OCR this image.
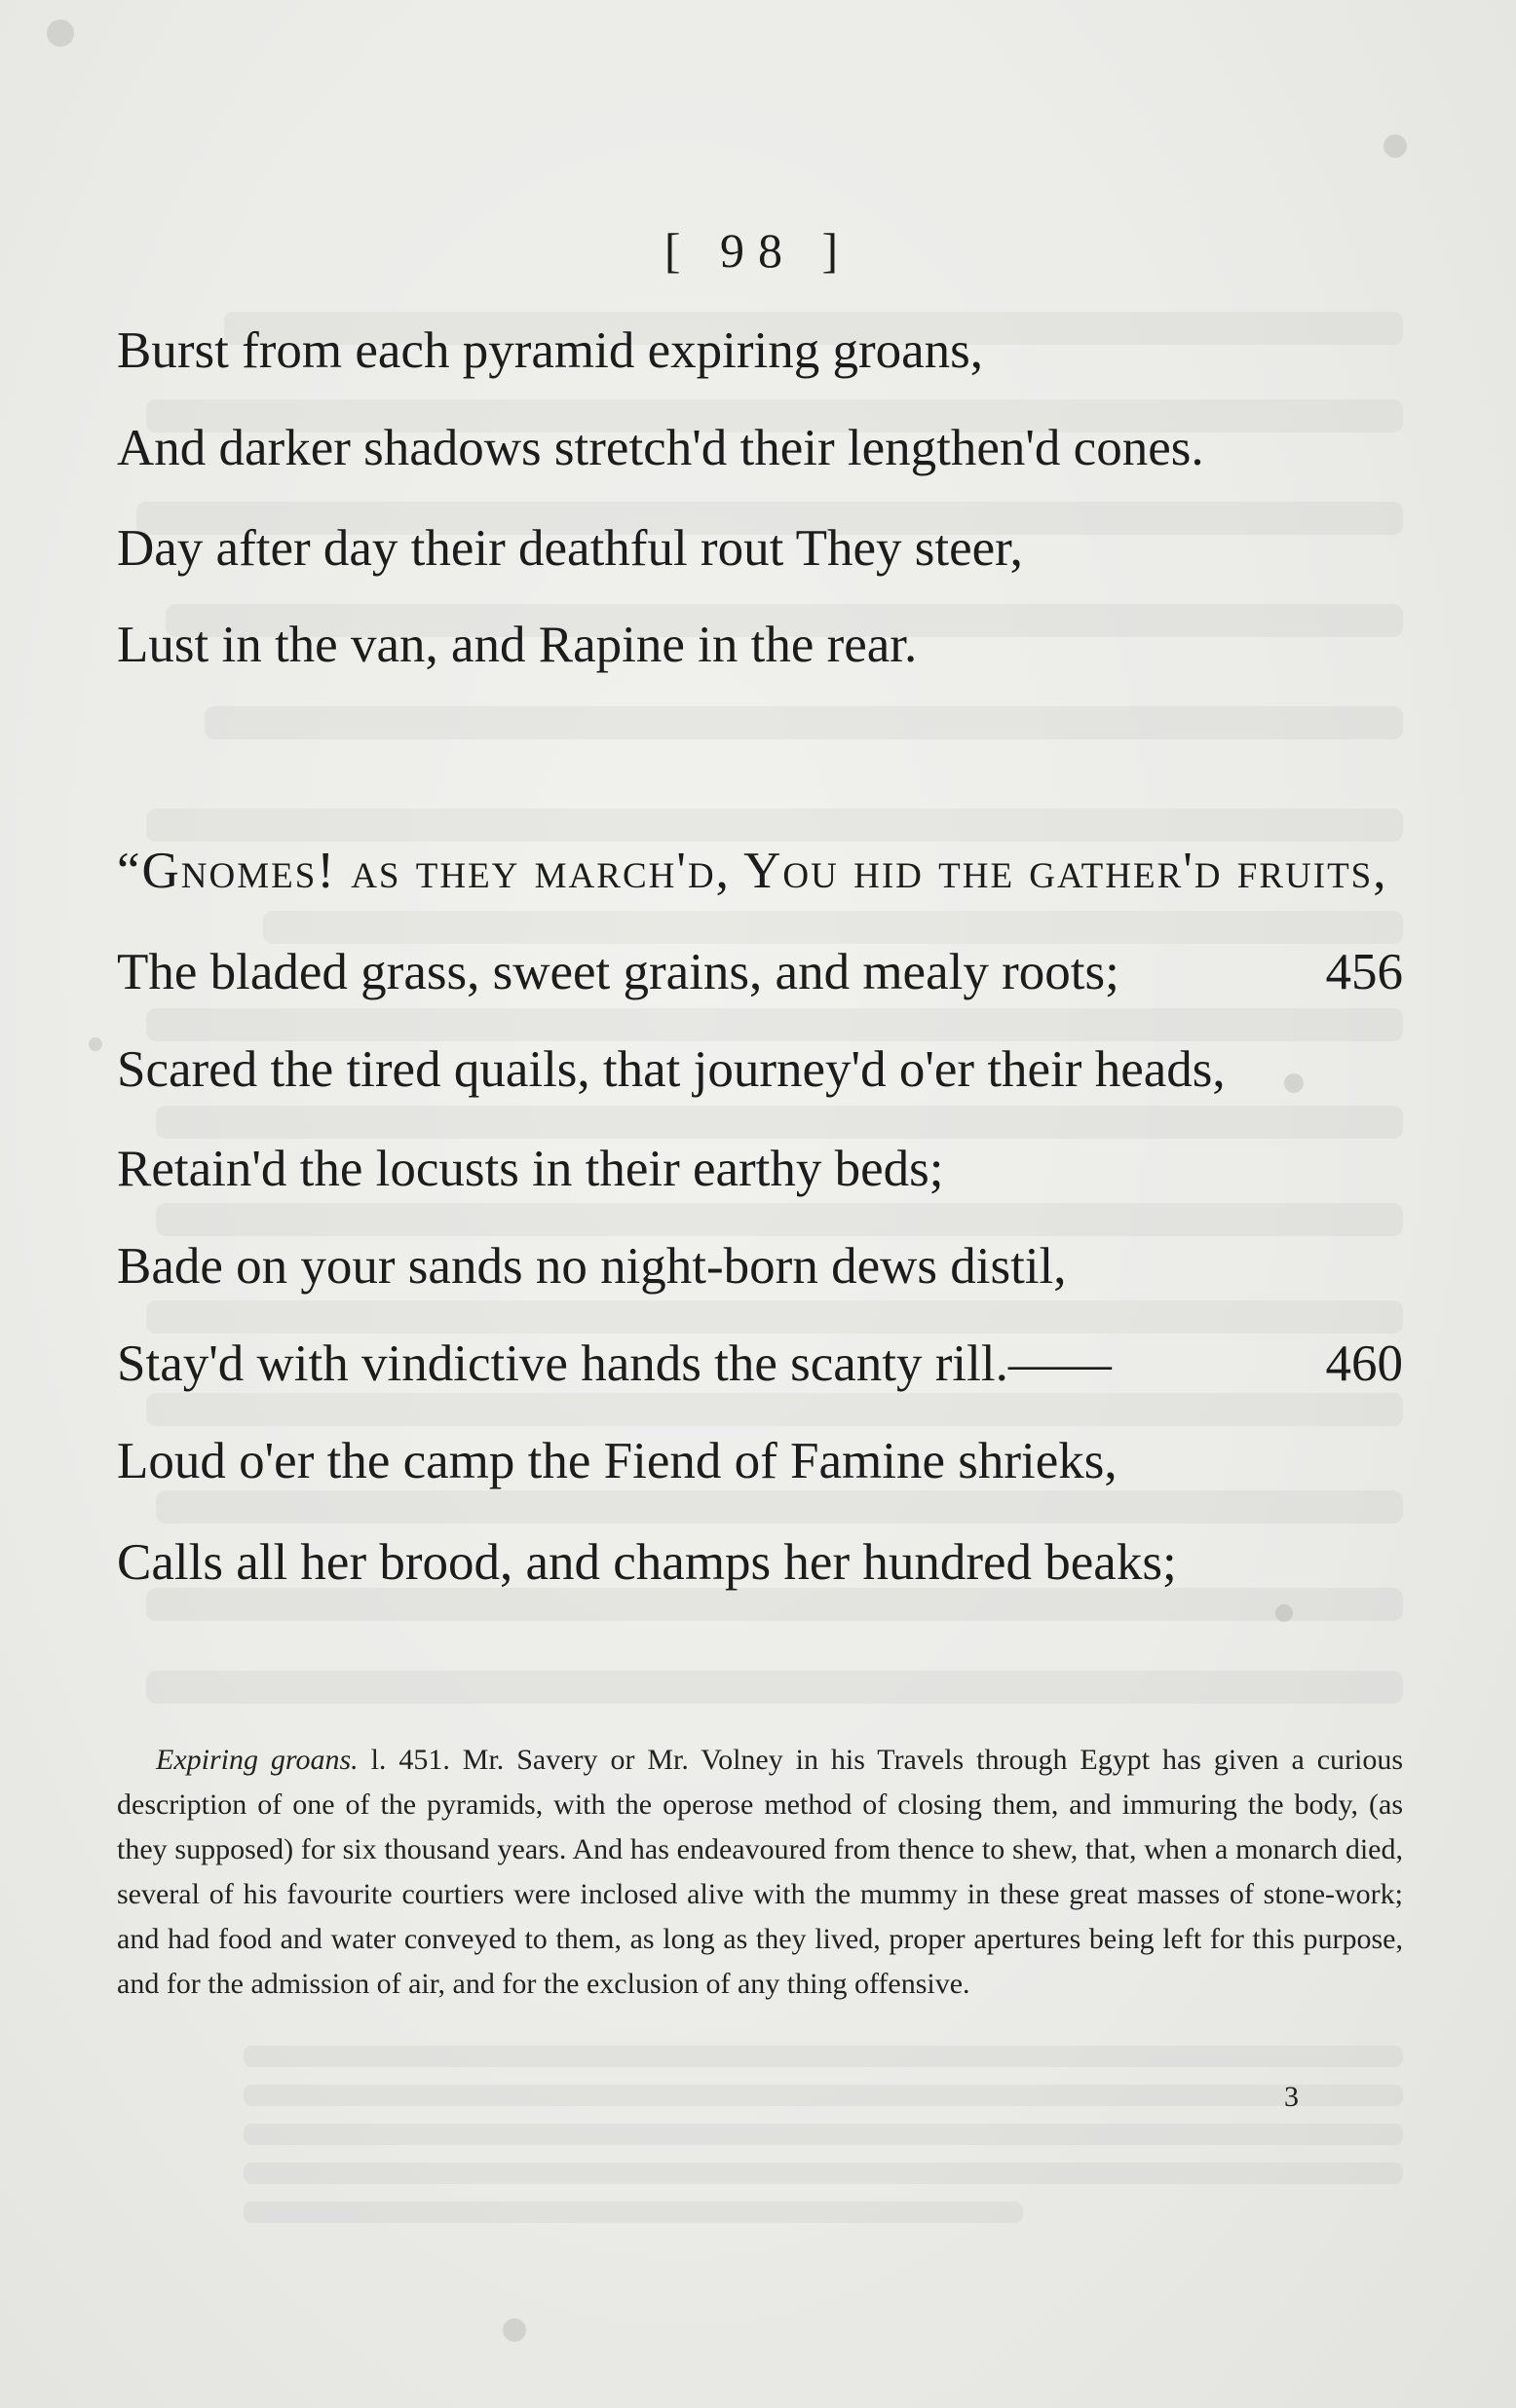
[ 98 ]
Burst from each pyramid expiring groans,
And darker shadows stretch'd their lengthen'd cones.
Day after day their deathful rout They steer,
Lust in the van, and Rapine in the rear.
“Gnomes! as they march'd, You hid the gather'd fruits,
The bladed grass, sweet grains, and mealy roots;	456
Scared the tired quails, that journey'd o'er their heads,
Retain'd the locusts in their earthy beds;
Bade on your sands no night-born dews distil,
Stay'd with vindictive hands the scanty rill.——	460
Loud o'er the camp the Fiend of Famine shrieks,
Calls all her brood, and champs her hundred beaks;
Expiring groans. l. 451. Mr. Savery or Mr. Volney in his Travels through Egypt has given a curious description of one of the pyramids, with the operose method of closing them, and immuring the body, (as they supposed) for six thousand years. And has endeavoured from thence to shew, that, when a monarch died, several of his favourite courtiers were inclosed alive with the mummy in these great masses of stone-work; and had food and water conveyed to them, as long as they lived, proper apertures being left for this purpose, and for the admission of air, and for the exclusion of any thing offensive.
3
